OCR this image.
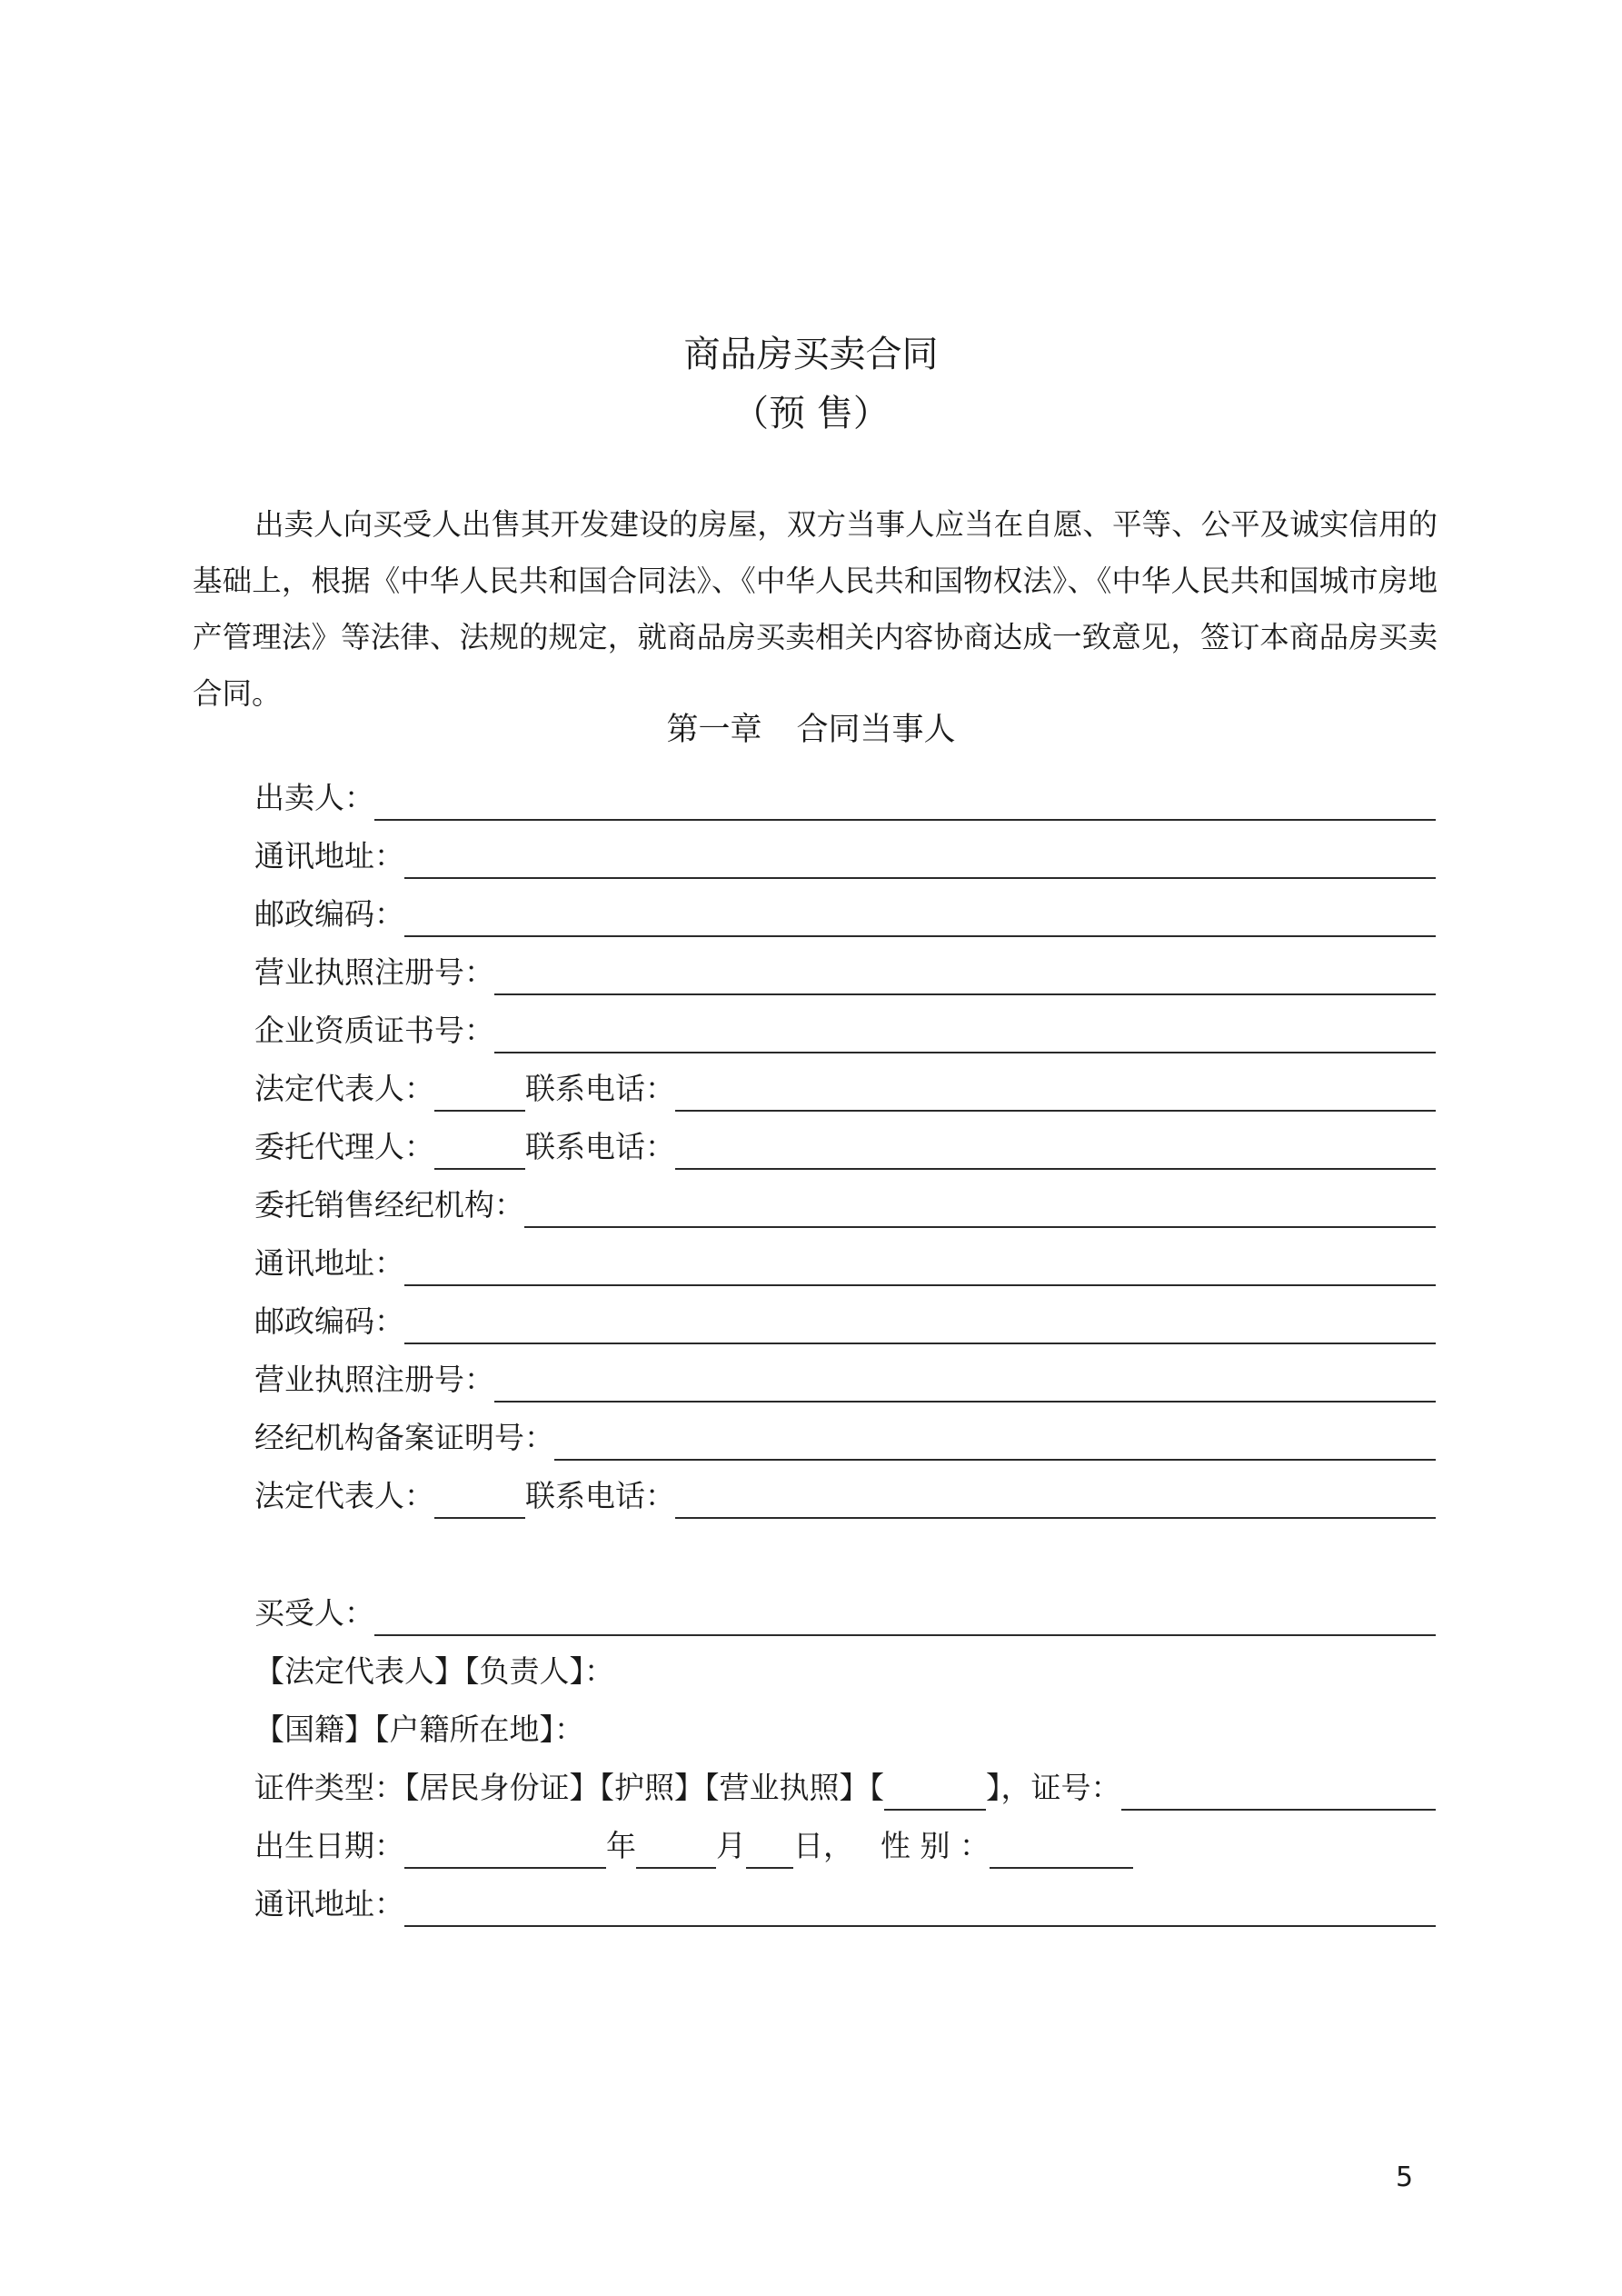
商品房买卖合同
（预 售）

出卖人向买受人出售其开发建设的房屋，双方当事人应当在自愿、平等、公平及诚实信用的基础上，根据《中华人民共和国合同法》、《中华人民共和国物权法》、《中华人民共和国城市房地产管理法》等法律、法规的规定，就商品房买卖相关内容协商达成一致意见，签订本商品房买卖合同。

第一章 合同当事人
出卖人：
通讯地址：
邮政编码：
营业执照注册号：
企业资质证书号：
法定代表人：	联系电话：
委托代理人：	联系电话：
委托销售经纪机构：
通讯地址：
邮政编码：
营业执照注册号：
经纪机构备案证明号：
法定代表人：	联系电话：
买受人：
【法定代表人】【负责人】：
【国籍】【户籍所在地】：
证件类型：【居民身份证】【护照】【营业执照】【	】，证号：
出生日期：	年	月 日， 性 别 ：
通讯地址：
5
